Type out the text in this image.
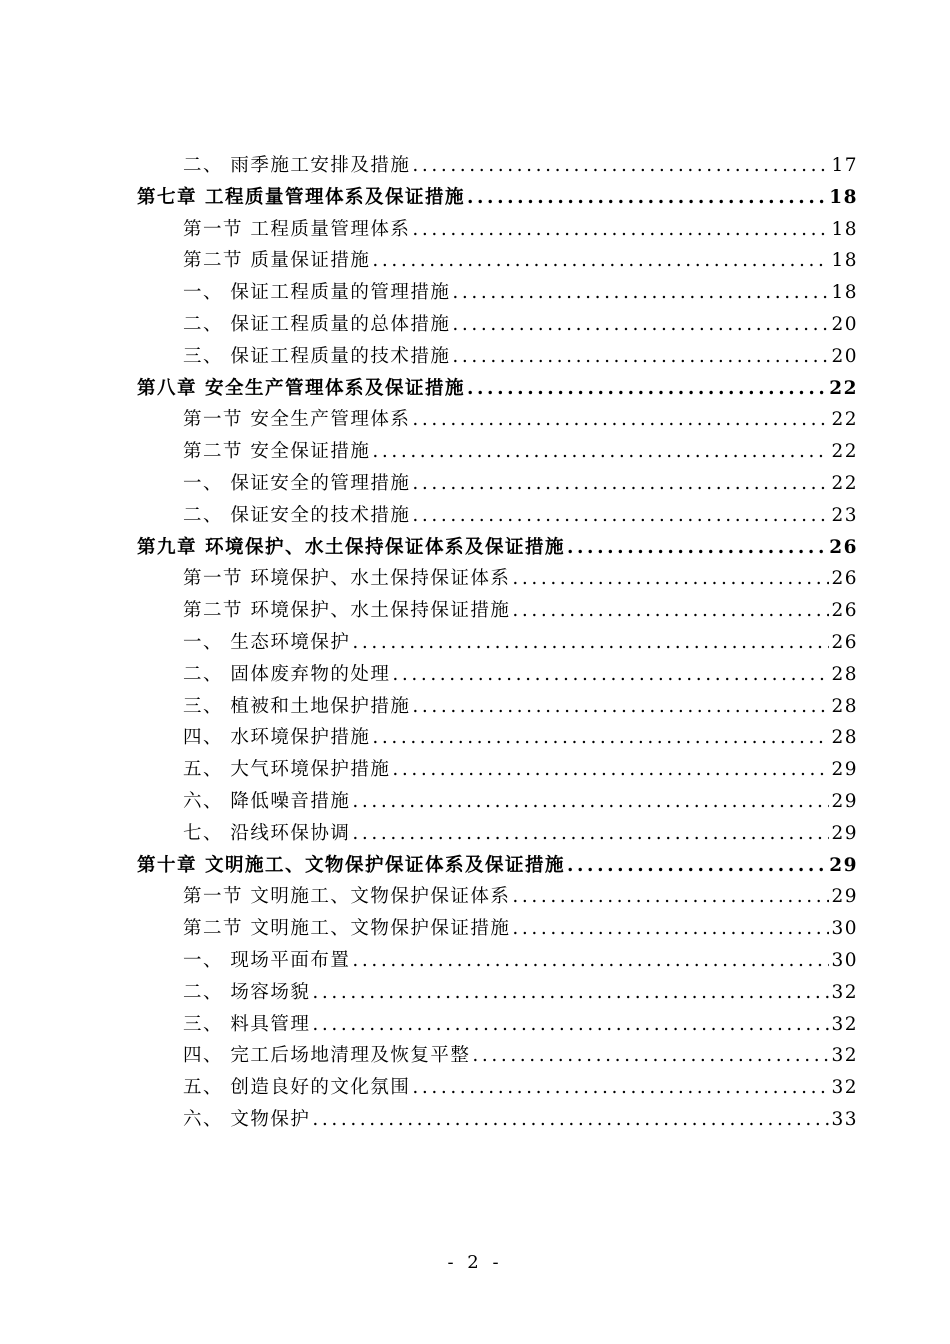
二、 雨季施工安排及措施 .....	17
第七章 工程质量管理体系及保证措施 .....	18
第一节 工程质量管理体系 .....	18
第二节 质量保证措施 .....	18
一、 保证工程质量的管理措施 .....	18
二、 保证工程质量的总体措施 .....	20
三、 保证工程质量的技术措施 .....	20
第八章 安全生产管理体系及保证措施 .....	22
第一节 安全生产管理体系 .....	22
第二节 安全保证措施 .....	22
一、 保证安全的管理措施 .....	22
二、 保证安全的技术措施 .....	23
第九章 环境保护、水土保持保证体系及保证措施 .....	26
第一节 环境保护、水土保持保证体系 .....	26
第二节 环境保护、水土保持保证措施 .....	26
一、 生态环境保护 .....	26
二、 固体废弃物的处理 .....	28
三、 植被和土地保护措施 .....	28
四、 水环境保护措施 .....	28
五、 大气环境保护措施 .....	29
六、 降低噪音措施 .....	29
七、 沿线环保协调 .....	29
第十章 文明施工、文物保护保证体系及保证措施 .....	29
第一节 文明施工、文物保护保证体系 .....	29
第二节 文明施工、文物保护保证措施 .....	30
一、 现场平面布置 .....	30
二、 场容场貌 .....	32
三、 料具管理 .....	32
四、 完工后场地清理及恢复平整 .....	32
五、 创造良好的文化氛围 .....	32
六、 文物保护 .....	33
- 2 -
